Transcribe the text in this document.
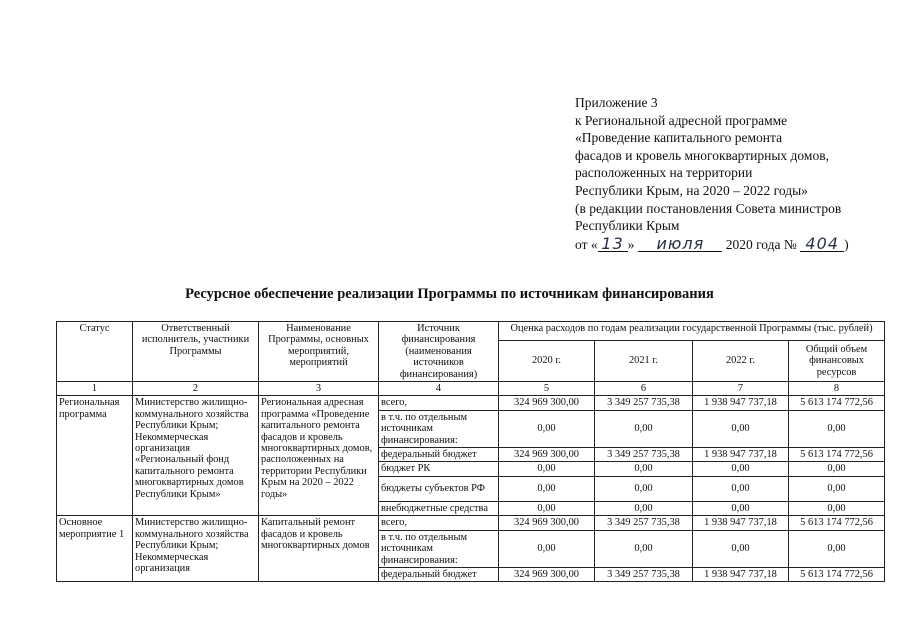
Приложение 3
к Региональной адресной программе
«Проведение капитального ремонта
фасадов и кровель многоквартирных домов,
расположенных на территории
Республики Крым, на 2020 – 2022 годы»
(в редакции постановления Совета министров
Республики Крым
от « 13 » июля 2020 года № 404 )
Ресурсное обеспечение реализации Программы по источникам финансирования
Статус	Ответственный исполнитель, участники Программы	Наименование Программы, основных мероприятий, мероприятий	Источник финансирования (наименования источников финансирования)	Оценка расходов по годам реализации государственной Программы (тыс. рублей)			
				2020 г.	2021 г.	2022 г.	Общий объем финансовых ресурсов
1	2	3	4	5	6	7	8
Региональная программа	Министерство жилищно-коммунального хозяйства Республики Крым; Некоммерческая организация «Региональный фонд капитального ремонта многоквартирных домов Республики Крым»	Региональная адресная программа «Проведение капитального ремонта фасадов и кровель многоквартирных домов, расположенных на территории Республики Крым на 2020 – 2022 годы»	всего,	324 969 300,00	3 349 257 735,38	1 938 947 737,18	5 613 174 772,56
			в т.ч. по отдельным источникам финансирования:	0,00	0,00	0,00	0,00
			федеральный бюджет	324 969 300,00	3 349 257 735,38	1 938 947 737,18	5 613 174 772,56
			бюджет РК	0,00	0,00	0,00	0,00
			бюджеты субъектов РФ	0,00	0,00	0,00	0,00
			внебюджетные средства	0,00	0,00	0,00	0,00
Основное мероприятие 1	Министерство жилищно-коммунального хозяйства Республики Крым; Некоммерческая организация	Капитальный ремонт фасадов и кровель многоквартирных домов	всего,	324 969 300,00	3 349 257 735,38	1 938 947 737,18	5 613 174 772,56
			в т.ч. по отдельным источникам финансирования:	0,00	0,00	0,00	0,00
			федеральный бюджет	324 969 300,00	3 349 257 735,38	1 938 947 737,18	5 613 174 772,56
